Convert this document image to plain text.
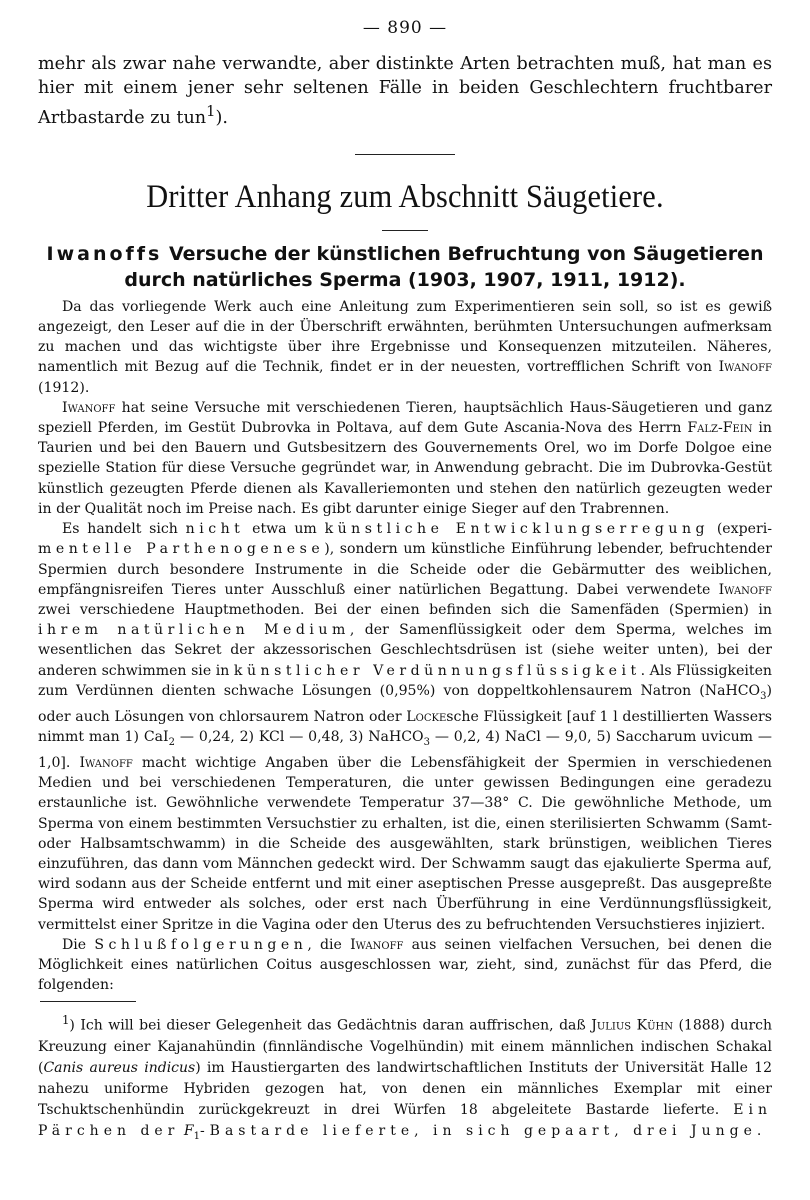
— 890 —

mehr als zwar nahe verwandte, aber distinkte Arten betrachten muß, hat man es hier mit einem jener sehr seltenen Fälle in beiden Geschlechtern fruchtbarer Artbastarde zu tun$^1$).

Dritter Anhang zum Abschnitt Säugetiere.
Iwanoffs Versuche der künstlichen Befruchtung von Säugetieren
durch natürliches Sperma (1903, 1907, 1911, 1912).

Da das vorliegende Werk auch eine Anleitung zum Experimentieren sein soll, so ist es gewiß angezeigt, den Leser auf die in der Überschrift erwähnten, berühmten Untersuchungen aufmerksam zu machen und das wichtigste über ihre Ergebnisse und Konsequenzen mitzuteilen. Näheres, namentlich mit Bezug auf die Technik, findet er in der neuesten, vortrefflichen Schrift von Iwanoff (1912).

Iwanoff hat seine Versuche mit verschiedenen Tieren, hauptsächlich Haus-Säugetieren und ganz speziell Pferden, im Gestüt Dubrovka in Poltava, auf dem Gute Ascania-Nova des Herrn Falz-Fein in Taurien und bei den Bauern und Gutsbesitzern des Gouvernements Orel, wo im Dorfe Dolgoe eine spezielle Station für diese Versuche gegründet war, in Anwendung gebracht. Die im Dubrovka-Gestüt künstlich gezeugten Pferde dienen als Kavalleriemonten und stehen den natürlich gezeugten weder in der Qualität noch im Preise nach. Es gibt darunter einige Sieger auf den Trabrennen.

Es handelt sich nicht etwa um künstliche Entwicklungserregung (experi- mentelle Parthenogenese), sondern um künstliche Einführung lebender, befruchtender Spermien durch besondere Instrumente in die Scheide oder die Gebärmutter des weiblichen, empfängnisreifen Tieres unter Ausschluß einer natürlichen Begattung. Dabei verwendete Iwanoff zwei verschiedene Hauptmethoden. Bei der einen befinden sich die Samenfäden (Spermien) in ihrem natürlichen Medium, der Samenflüssigkeit oder dem Sperma, welches im wesentlichen das Sekret der akzessorischen Geschlechtsdrüsen ist (siehe weiter unten), bei der anderen schwimmen sie in künstlicher Verdünnungsflüssigkeit. Als Flüssigkeiten zum Verdünnen dienten schwache Lösungen (0,95%) von doppeltkohlensaurem Natron (NaHCO$_3$) oder auch Lösungen von chlorsaurem Natron oder Lockesche Flüssigkeit [auf 1 l destillierten Wassers nimmt man 1) CaI$_2$ — 0,24, 2) KCl — 0,48, 3) NaHCO$_3$ — 0,2, 4) NaCl — 9,0, 5) Saccharum uvicum — 1,0]. Iwanoff macht wichtige Angaben über die Lebensfähigkeit der Spermien in verschiedenen Medien und bei verschiedenen Temperaturen, die unter gewissen Bedingungen eine geradezu erstaunliche ist. Gewöhnliche verwendete Temperatur 37—38° C. Die gewöhnliche Methode, um Sperma von einem bestimmten Versuchstier zu erhalten, ist die, einen sterilisierten Schwamm (Samt- oder Halbsamtschwamm) in die Scheide des ausgewählten, stark brünstigen, weiblichen Tieres einzuführen, das dann vom Männchen gedeckt wird. Der Schwamm saugt das ejakulierte Sperma auf, wird sodann aus der Scheide entfernt und mit einer aseptischen Presse ausgepreßt. Das ausgepreßte Sperma wird entweder als solches, oder erst nach Überführung in eine Verdünnungsflüssigkeit, vermittelst einer Spritze in die Vagina oder den Uterus des zu befruchtenden Versuchstieres injiziert.

Die Schlußfolgerungen, die Iwanoff aus seinen vielfachen Versuchen, bei denen die Möglichkeit eines natürlichen Coitus ausgeschlossen war, zieht, sind, zunächst für das Pferd, die folgenden:

$^1$) Ich will bei dieser Gelegenheit das Gedächtnis daran auffrischen, daß Julius Kühn (1888) durch Kreuzung einer Kajanahündin (finnländische Vogelhündin) mit einem männlichen indischen Schakal (Canis aureus indicus) im Haustiergarten des landwirtschaftlichen Instituts der Universität Halle 12 nahezu uniforme Hybriden gezogen hat, von denen ein männliches Exemplar mit einer Tschuktschenhündin zurückgekreuzt in drei Würfen 18 abgeleitete Bastarde lieferte. Ein Pärchen der $F_1$-Bastarde lieferte, in sich gepaart, drei Junge.
